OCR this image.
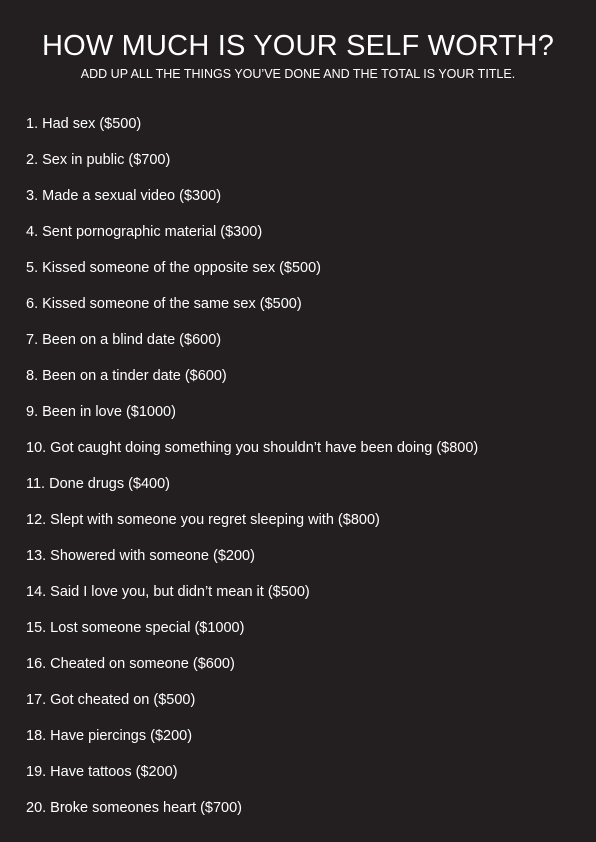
HOW MUCH IS YOUR SELF WORTH?
ADD UP ALL THE THINGS YOU’VE DONE AND THE TOTAL IS YOUR TITLE.
1. Had sex ($500)
2. Sex in public ($700)
3. Made a sexual video ($300)
4. Sent pornographic material ($300)
5. Kissed someone of the opposite sex ($500)
6. Kissed someone of the same sex ($500)
7. Been on a blind date ($600)
8. Been on a tinder date ($600)
9. Been in love ($1000)
10. Got caught doing something you shouldn’t have been doing ($800)
11. Done drugs ($400)
12. Slept with someone you regret sleeping with ($800)
13. Showered with someone ($200)
14. Said I love you, but didn’t mean it ($500)
15. Lost someone special ($1000)
16. Cheated on someone ($600)
17. Got cheated on ($500)
18. Have piercings ($200)
19. Have tattoos ($200)
20. Broke someones heart ($700)
